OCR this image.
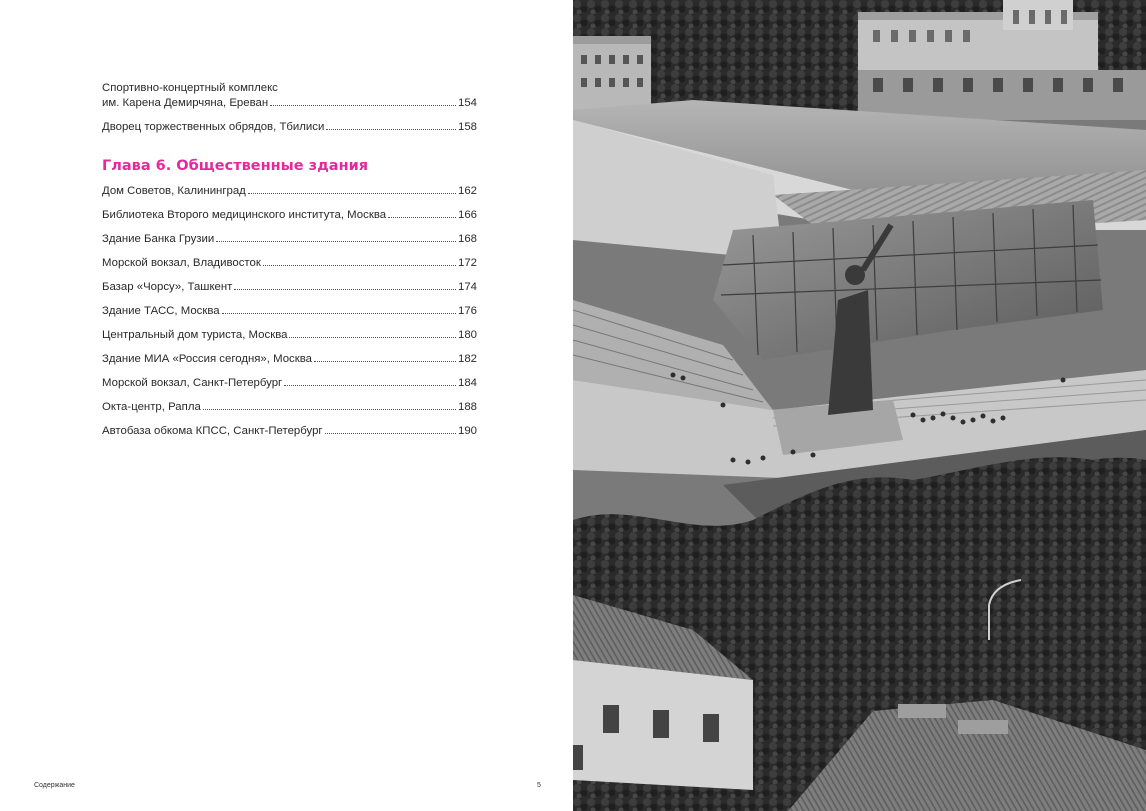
Спортивно-концертный комплекс
им. Карена Демирчяна, Ереван	154
Дворец торжественных обрядов, Тбилиси	158
Глава 6. Общественные здания
Дом Советов, Калининград	162
Библиотека Второго медицинского института, Москва	166
Здание Банка Грузии	168
Морской вокзал, Владивосток	172
Базар «Чорсу», Ташкент	174
Здание ТАСС, Москва	176
Центральный дом туриста, Москва	180
Здание МИА «Россия сегодня», Москва	182
Морской вокзал, Санкт-Петербург	184
Окта-центр, Рапла	188
Автобаза обкома КПСС, Санкт-Петербург	190
Содержание	5
